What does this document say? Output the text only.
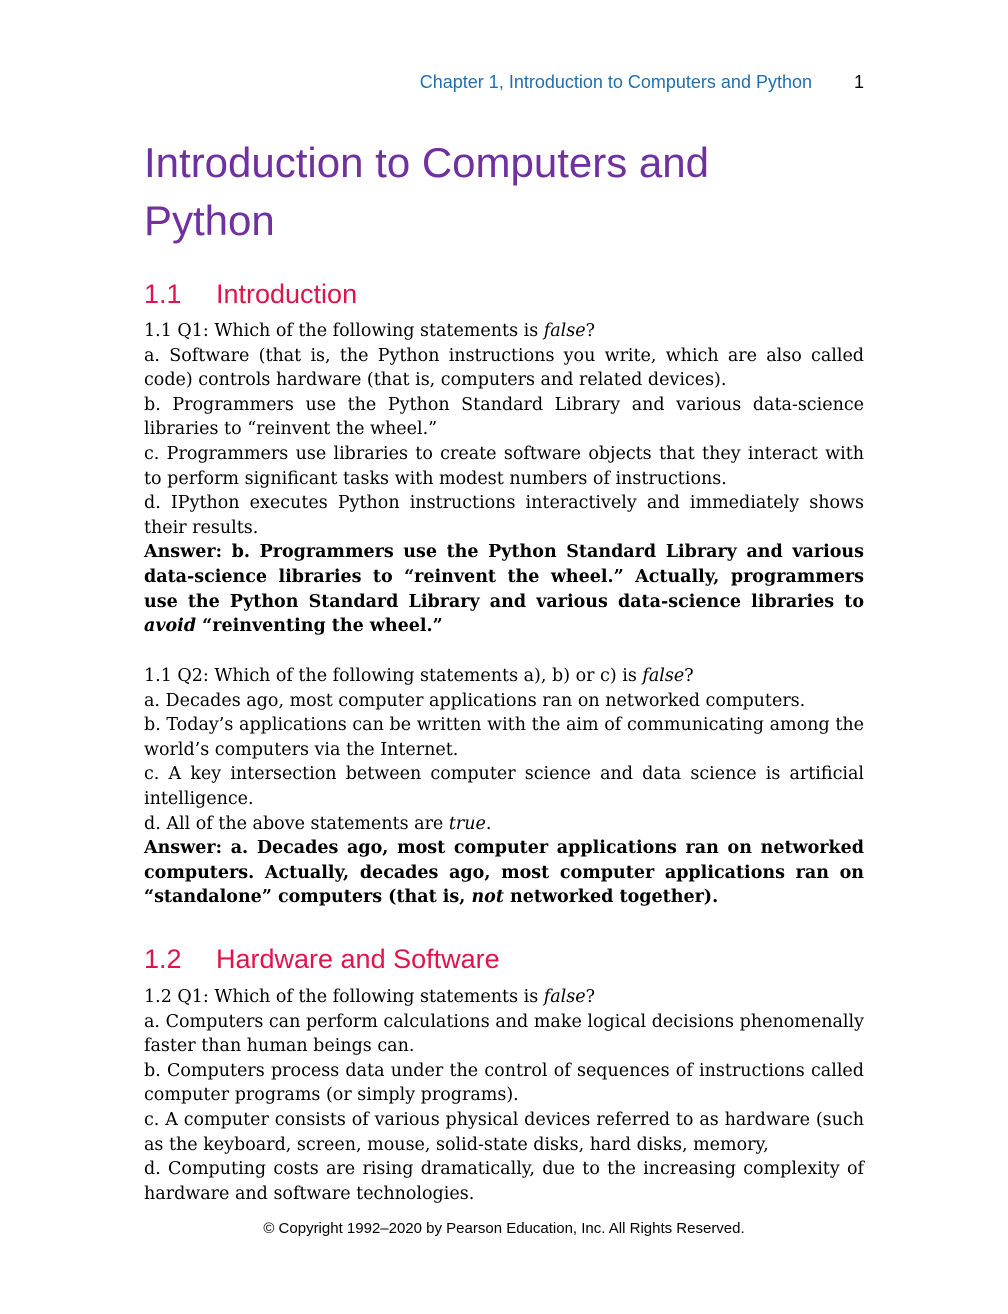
Chapter 1, Introduction to Computers and Python 1
Introduction to Computers and
Python
1.1 Introduction

1.1 Q1: Which of the following statements is false?

a. Software (that is, the Python instructions you write, which are also called code) controls hardware (that is, computers and related devices).

b. Programmers use the Python Standard Library and various data-science libraries to “reinvent the wheel.”

c. Programmers use libraries to create software objects that they interact with to perform significant tasks with modest numbers of instructions.

d. IPython executes Python instructions interactively and immediately shows their results.

Answer: b. Programmers use the Python Standard Library and various data-science libraries to “reinvent the wheel.” Actually, programmers use the Python Standard Library and various data-science libraries to avoid “reinventing the wheel.”

1.1 Q2: Which of the following statements a), b) or c) is false?

a. Decades ago, most computer applications ran on networked computers.

b. Today’s applications can be written with the aim of communicating among the world’s computers via the Internet.

c. A key intersection between computer science and data science is artificial intelligence.

d. All of the above statements are true.

Answer: a. Decades ago, most computer applications ran on networked computers. Actually, decades ago, most computer applications ran on “standalone” computers (that is, not networked together).

1.2 Hardware and Software

1.2 Q1: Which of the following statements is false?

a. Computers can perform calculations and make logical decisions phenomenally faster than human beings can.

b. Computers process data under the control of sequences of instructions called computer programs (or simply programs).

c. A computer consists of various physical devices referred to as hardware (such as the keyboard, screen, mouse, solid-state disks, hard disks, memory,

d. Computing costs are rising dramatically, due to the increasing complexity of hardware and software technologies.

© Copyright 1992–2020 by Pearson Education, Inc. All Rights Reserved.
